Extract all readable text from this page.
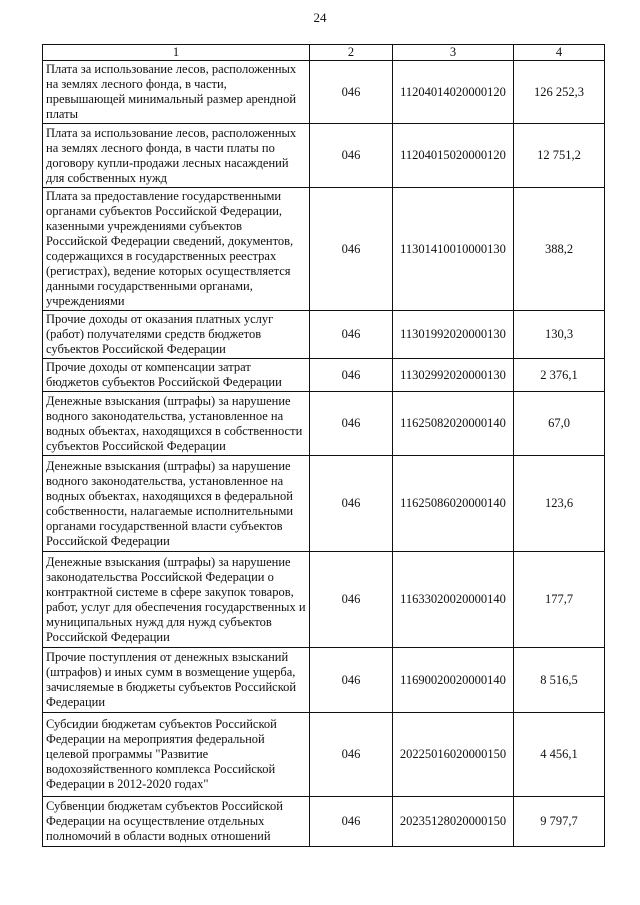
24
1	2	3	4
Плата за использование лесов, расположенных на землях лесного фонда, в части, превышающей минимальный размер арендной платы	046	11204014020000120	126 252,3
Плата за использование лесов, расположенных на землях лесного фонда, в части платы по договору купли-продажи лесных насаждений для собственных нужд	046	11204015020000120	12 751,2
Плата за предоставление государственными органами субъектов Российской Федерации, казенными учреждениями субъектов Российской Федерации сведений, документов, содержащихся в государственных реестрах (регистрах), ведение которых осуществляется данными государственными органами, учреждениями	046	11301410010000130	388,2
Прочие доходы от оказания платных услуг (работ) получателями средств бюджетов субъектов Российской Федерации	046	11301992020000130	130,3
Прочие доходы от компенсации затрат бюджетов субъектов Российской Федерации	046	11302992020000130	2 376,1
Денежные взыскания (штрафы) за нарушение водного законодательства, установленное на водных объектах, находящихся в собственности субъектов Российской Федерации	046	11625082020000140	67,0
Денежные взыскания (штрафы) за нарушение водного законодательства, установленное на водных объектах, находящихся в федеральной собственности, налагаемые исполнительными органами государственной власти субъектов Российской Федерации	046	11625086020000140	123,6
Денежные взыскания (штрафы) за нарушение законодательства Российской Федерации о контрактной системе в сфере закупок товаров, работ, услуг для обеспечения государственных и муниципальных нужд для нужд субъектов Российской Федерации	046	11633020020000140	177,7
Прочие поступления от денежных взысканий (штрафов) и иных сумм в возмещение ущерба, зачисляемые в бюджеты субъектов Российской Федерации	046	11690020020000140	8 516,5
Субсидии бюджетам субъектов Российской Федерации на мероприятия федеральной целевой программы "Развитие водохозяйственного комплекса Российской Федерации в 2012-2020 годах"	046	20225016020000150	4 456,1
Субвенции бюджетам субъектов Российской Федерации на осуществление отдельных полномочий в области водных отношений	046	20235128020000150	9 797,7
